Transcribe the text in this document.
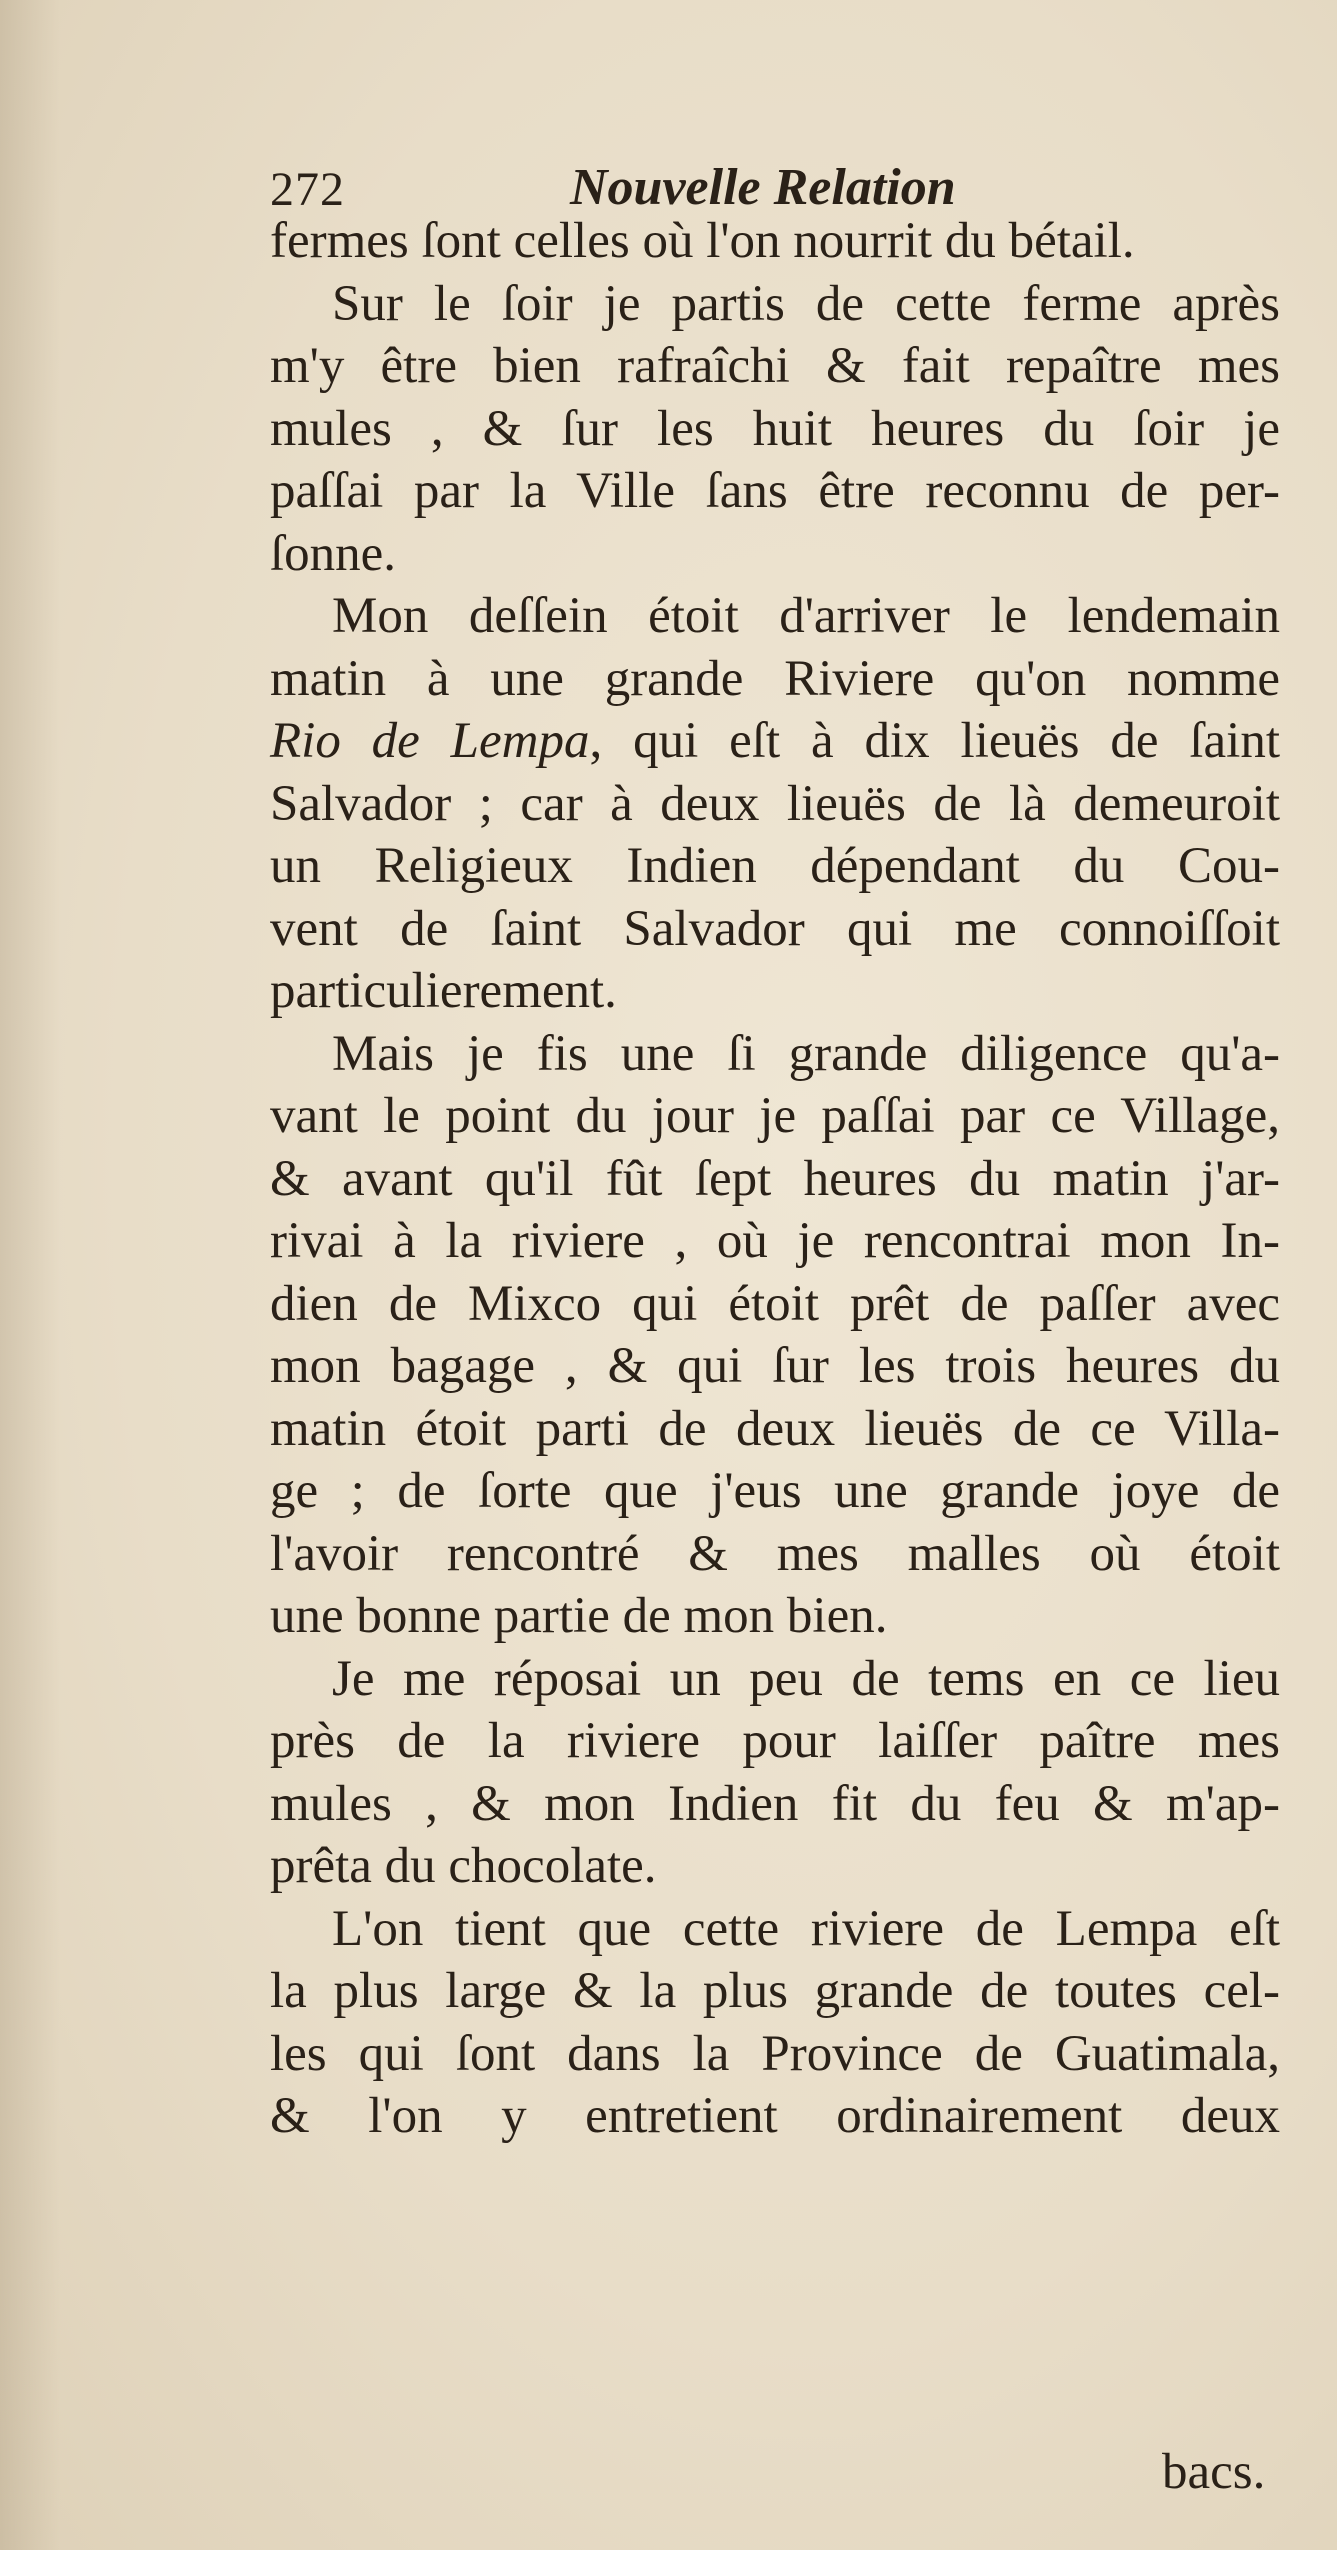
272	Nouvelle Relation
fermes ſont celles où l'on nourrit du bétail.
Sur le ſoir je partis de cette ferme après
m'y être bien rafraîchi & fait repaître mes
mules , & ſur les huit heures du ſoir je
paſſai par la Ville ſans être reconnu de per-
ſonne.
Mon deſſein étoit d'arriver le lendemain
matin à une grande Riviere qu'on nomme
Rio de Lempa, qui eſt à dix lieuës de ſaint
Salvador ; car à deux lieuës de là demeuroit
un Religieux Indien dépendant du Cou-
vent de ſaint Salvador qui me connoiſſoit
particulierement.
Mais je fis une ſi grande diligence qu'a-
vant le point du jour je paſſai par ce Village,
& avant qu'il fût ſept heures du matin j'ar-
rivai à la riviere , où je rencontrai mon In-
dien de Mixco qui étoit prêt de paſſer avec
mon bagage , & qui ſur les trois heures du
matin étoit parti de deux lieuës de ce Villa-
ge ; de ſorte que j'eus une grande joye de
l'avoir rencontré & mes malles où étoit
une bonne partie de mon bien.
Je me réposai un peu de tems en ce lieu
près de la riviere pour laiſſer paître mes
mules , & mon Indien fit du feu & m'ap-
prêta du chocolate.
L'on tient que cette riviere de Lempa eſt
la plus large & la plus grande de toutes cel-
les qui ſont dans la Province de Guatimala,
& l'on y entretient ordinairement deux
bacs.
